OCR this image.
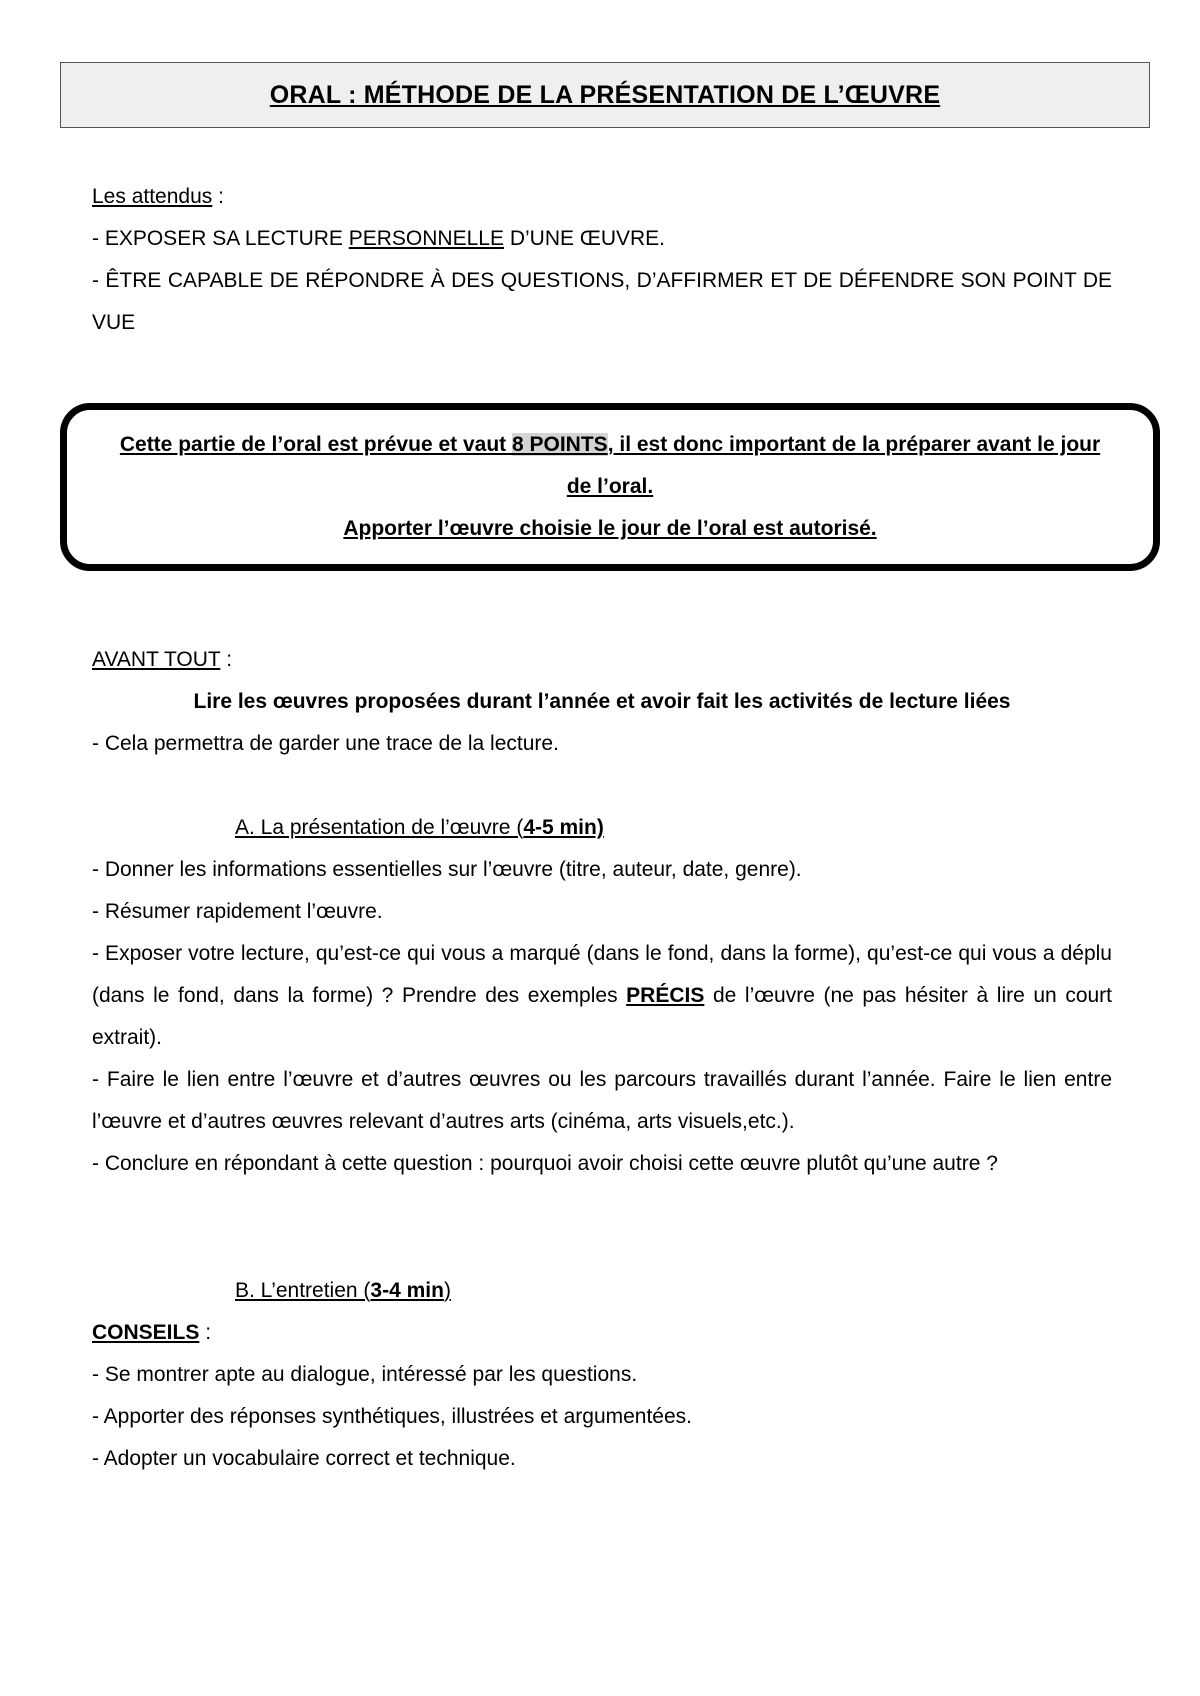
ORAL : MÉTHODE DE LA PRÉSENTATION DE L’ŒUVRE

Les attendus :

- EXPOSER SA LECTURE PERSONNELLE D’UNE ŒUVRE.

- ÊTRE CAPABLE DE RÉPONDRE À DES QUESTIONS, D’AFFIRMER ET DE DÉFENDRE SON POINT DE VUE

Cette partie de l’oral est prévue et vaut 8 POINTS, il est donc important de la préparer avant le jour de l’oral.

Apporter l’œuvre choisie le jour de l’oral est autorisé.

AVANT TOUT :

Lire les œuvres proposées durant l’année et avoir fait les activités de lecture liées

- Cela permettra de garder une trace de la lecture.

A. La présentation de l’œuvre (4-5 min)

- Donner les informations essentielles sur l’œuvre (titre, auteur, date, genre).

- Résumer rapidement l’œuvre.

- Exposer votre lecture, qu’est-ce qui vous a marqué (dans le fond, dans la forme), qu’est-ce qui vous a déplu (dans le fond, dans la forme) ? Prendre des exemples PRÉCIS de l’œuvre (ne pas hésiter à lire un court extrait).

- Faire le lien entre l’œuvre et d’autres œuvres ou les parcours travaillés durant l’année. Faire le lien entre l’œuvre et d’autres œuvres relevant d’autres arts (cinéma, arts visuels,etc.).

- Conclure en répondant à cette question : pourquoi avoir choisi cette œuvre plutôt qu’une autre ?

B. L’entretien (3-4 min)

CONSEILS :

- Se montrer apte au dialogue, intéressé par les questions.

- Apporter des réponses synthétiques, illustrées et argumentées.

- Adopter un vocabulaire correct et technique.
